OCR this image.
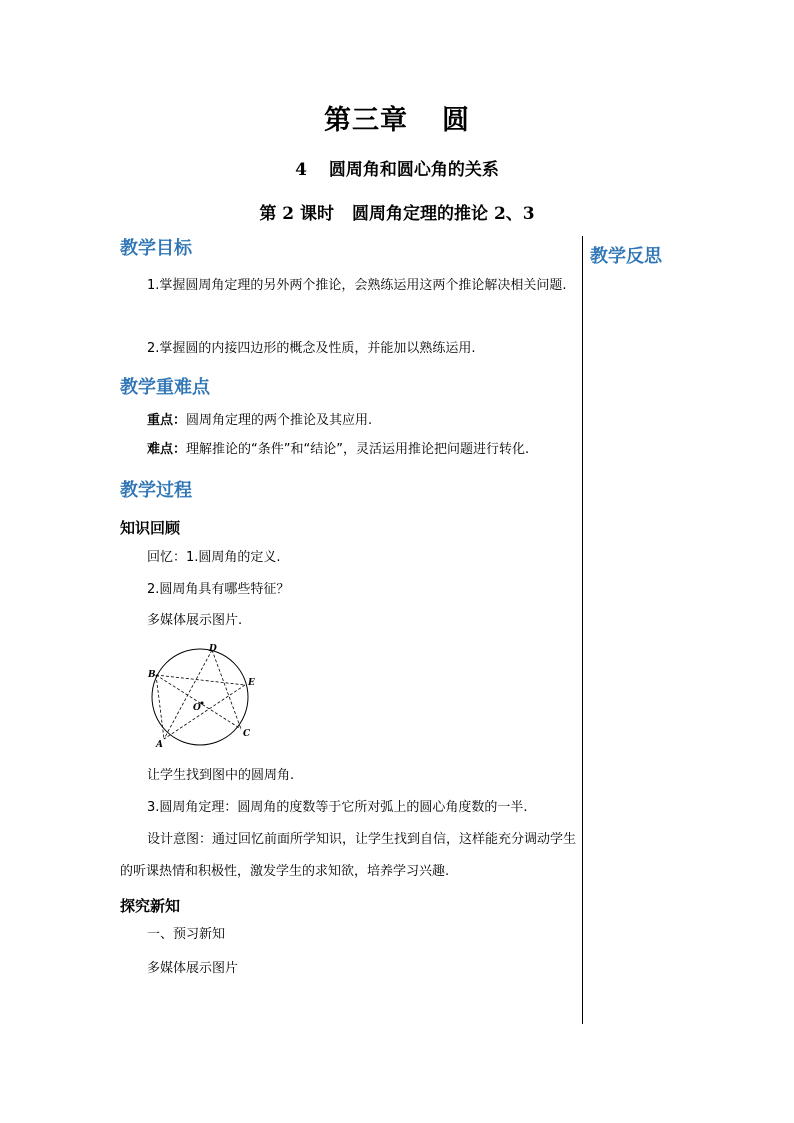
第三章 圆
4 圆周角和圆心角的关系
第 2 课时 圆周角定理的推论 2、3
教学反思
教学目标
1.掌握圆周角定理的另外两个推论，会熟练运用这两个推论解决相关问题.
2.掌握圆的内接四边形的概念及性质，并能加以熟练运用.
教学重难点
重点：圆周角定理的两个推论及其应用.
难点：理解推论的“条件”和“结论”，灵活运用推论把问题进行转化.
教学过程
知识回顾
回忆：1.圆周角的定义.
2.圆周角具有哪些特征？
多媒体展示图片.
D
B
E
O
C
A
让学生找到图中的圆周角.
3.圆周角定理：圆周角的度数等于它所对弧上的圆心角度数的一半.
设计意图：通过回忆前面所学知识，让学生找到自信，这样能充分调动学生的听课热情和积极性，激发学生的求知欲，培养学习兴趣.
探究新知
一、预习新知
多媒体展示图片
